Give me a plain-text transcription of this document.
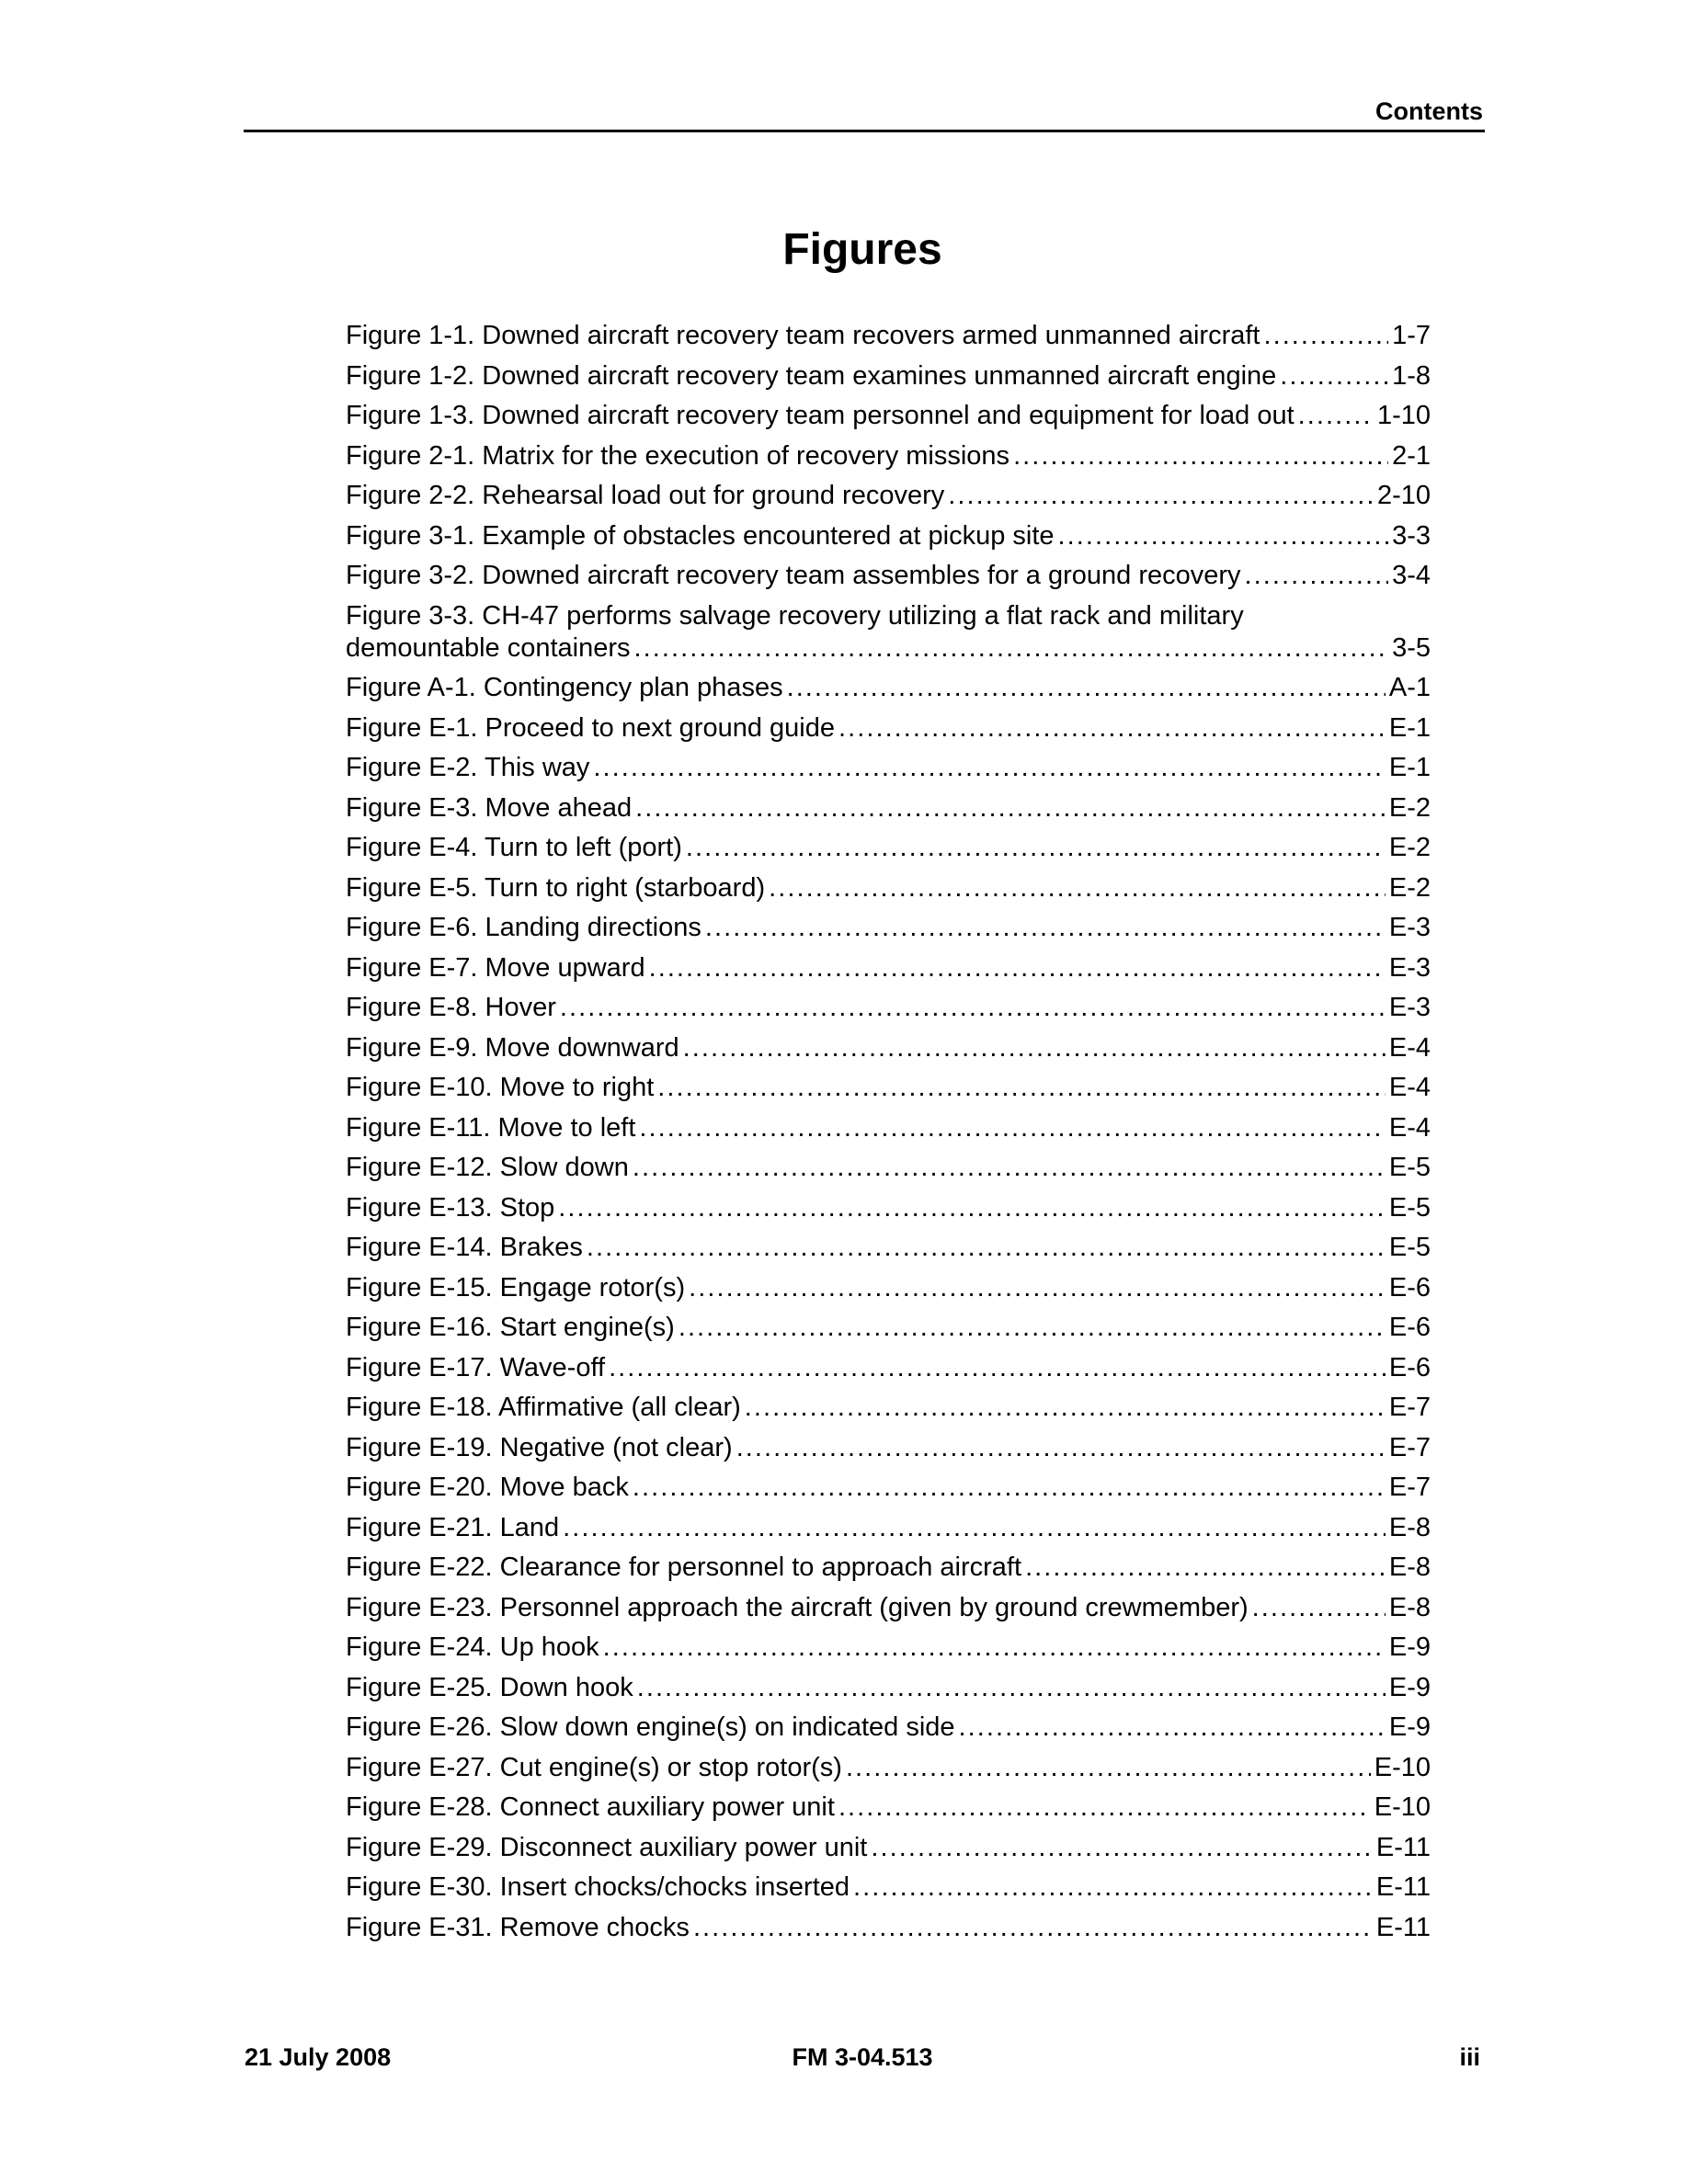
Contents
Figures
Figure 1-1. Downed aircraft recovery team recovers armed unmanned aircraft . . .	1-7
Figure 1-2. Downed aircraft recovery team examines unmanned aircraft engine . . .	1-8
Figure 1-3. Downed aircraft recovery team personnel and equipment for load out . . .	1-10
Figure 2-1. Matrix for the execution of recovery missions . . .	2-1
Figure 2-2. Rehearsal load out for ground recovery . . .	2-10
Figure 3-1. Example of obstacles encountered at pickup site . . .	3-3
Figure 3-2. Downed aircraft recovery team assembles for a ground recovery . . .	3-4
Figure 3-3. CH-47 performs salvage recovery utilizing a flat rack and military
demountable containers . . .	3-5
Figure A-1. Contingency plan phases . . .	A-1
Figure E-1. Proceed to next ground guide . . .	E-1
Figure E-2. This way . . .	E-1
Figure E-3. Move ahead . . .	E-2
Figure E-4. Turn to left (port) . . .	E-2
Figure E-5. Turn to right (starboard) . . .	E-2
Figure E-6. Landing directions . . .	E-3
Figure E-7. Move upward . . .	E-3
Figure E-8. Hover . . .	E-3
Figure E-9. Move downward . . .	E-4
Figure E-10. Move to right . . .	E-4
Figure E-11. Move to left . . .	E-4
Figure E-12. Slow down . . .	E-5
Figure E-13. Stop . . .	E-5
Figure E-14. Brakes . . .	E-5
Figure E-15. Engage rotor(s) . . .	E-6
Figure E-16. Start engine(s) . . .	E-6
Figure E-17. Wave-off . . .	E-6
Figure E-18. Affirmative (all clear) . . .	E-7
Figure E-19. Negative (not clear) . . .	E-7
Figure E-20. Move back . . .	E-7
Figure E-21. Land . . .	E-8
Figure E-22. Clearance for personnel to approach aircraft . . .	E-8
Figure E-23. Personnel approach the aircraft (given by ground crewmember) . . .	E-8
Figure E-24. Up hook . . .	E-9
Figure E-25. Down hook . . .	E-9
Figure E-26. Slow down engine(s) on indicated side . . .	E-9
Figure E-27. Cut engine(s) or stop rotor(s) . . .	E-10
Figure E-28. Connect auxiliary power unit . . .	E-10
Figure E-29. Disconnect auxiliary power unit . . .	E-11
Figure E-30. Insert chocks/chocks inserted . . .	E-11
Figure E-31. Remove chocks . . .	E-11
21 July 2008	FM 3-04.513	iii
